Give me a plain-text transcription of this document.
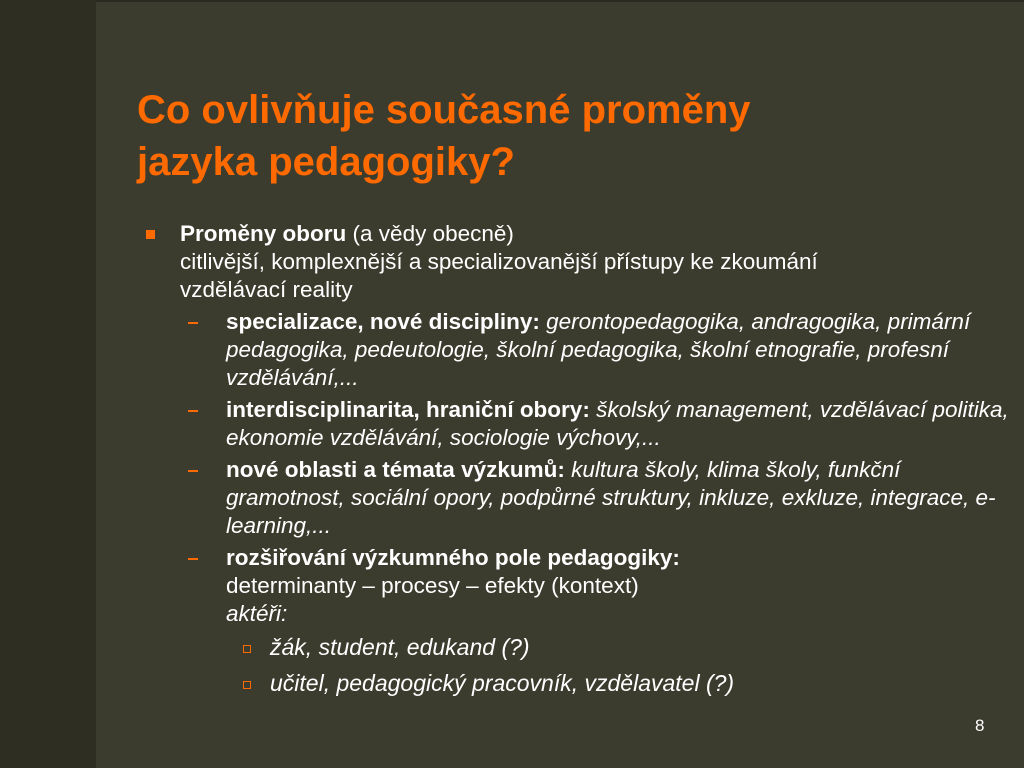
Co ovlivňuje současné proměny
jazyka pedagogiky?
Proměny oboru (a vědy obecně)
citlivější, komplexnější a specializovanější přístupy ke zkoumání
vzdělávací reality
specializace, nové discipliny: gerontopedagogika, andragogika, primární pedagogika, pedeutologie, školní pedagogika, školní etnografie, profesní vzdělávání,...
interdisciplinarita, hraniční obory: školský management, vzdělávací politika, ekonomie vzdělávání, sociologie výchovy,...
nové oblasti a témata výzkumů: kultura školy, klima školy, funkční gramotnost, sociální opory, podpůrné struktury, inkluze, exkluze, integrace, e-learning,...
rozšiřování výzkumného pole pedagogiky:
determinanty – procesy – efekty (kontext)
aktéři:
žák, student, edukand (?)
učitel, pedagogický pracovník, vzdělavatel (?)
8
